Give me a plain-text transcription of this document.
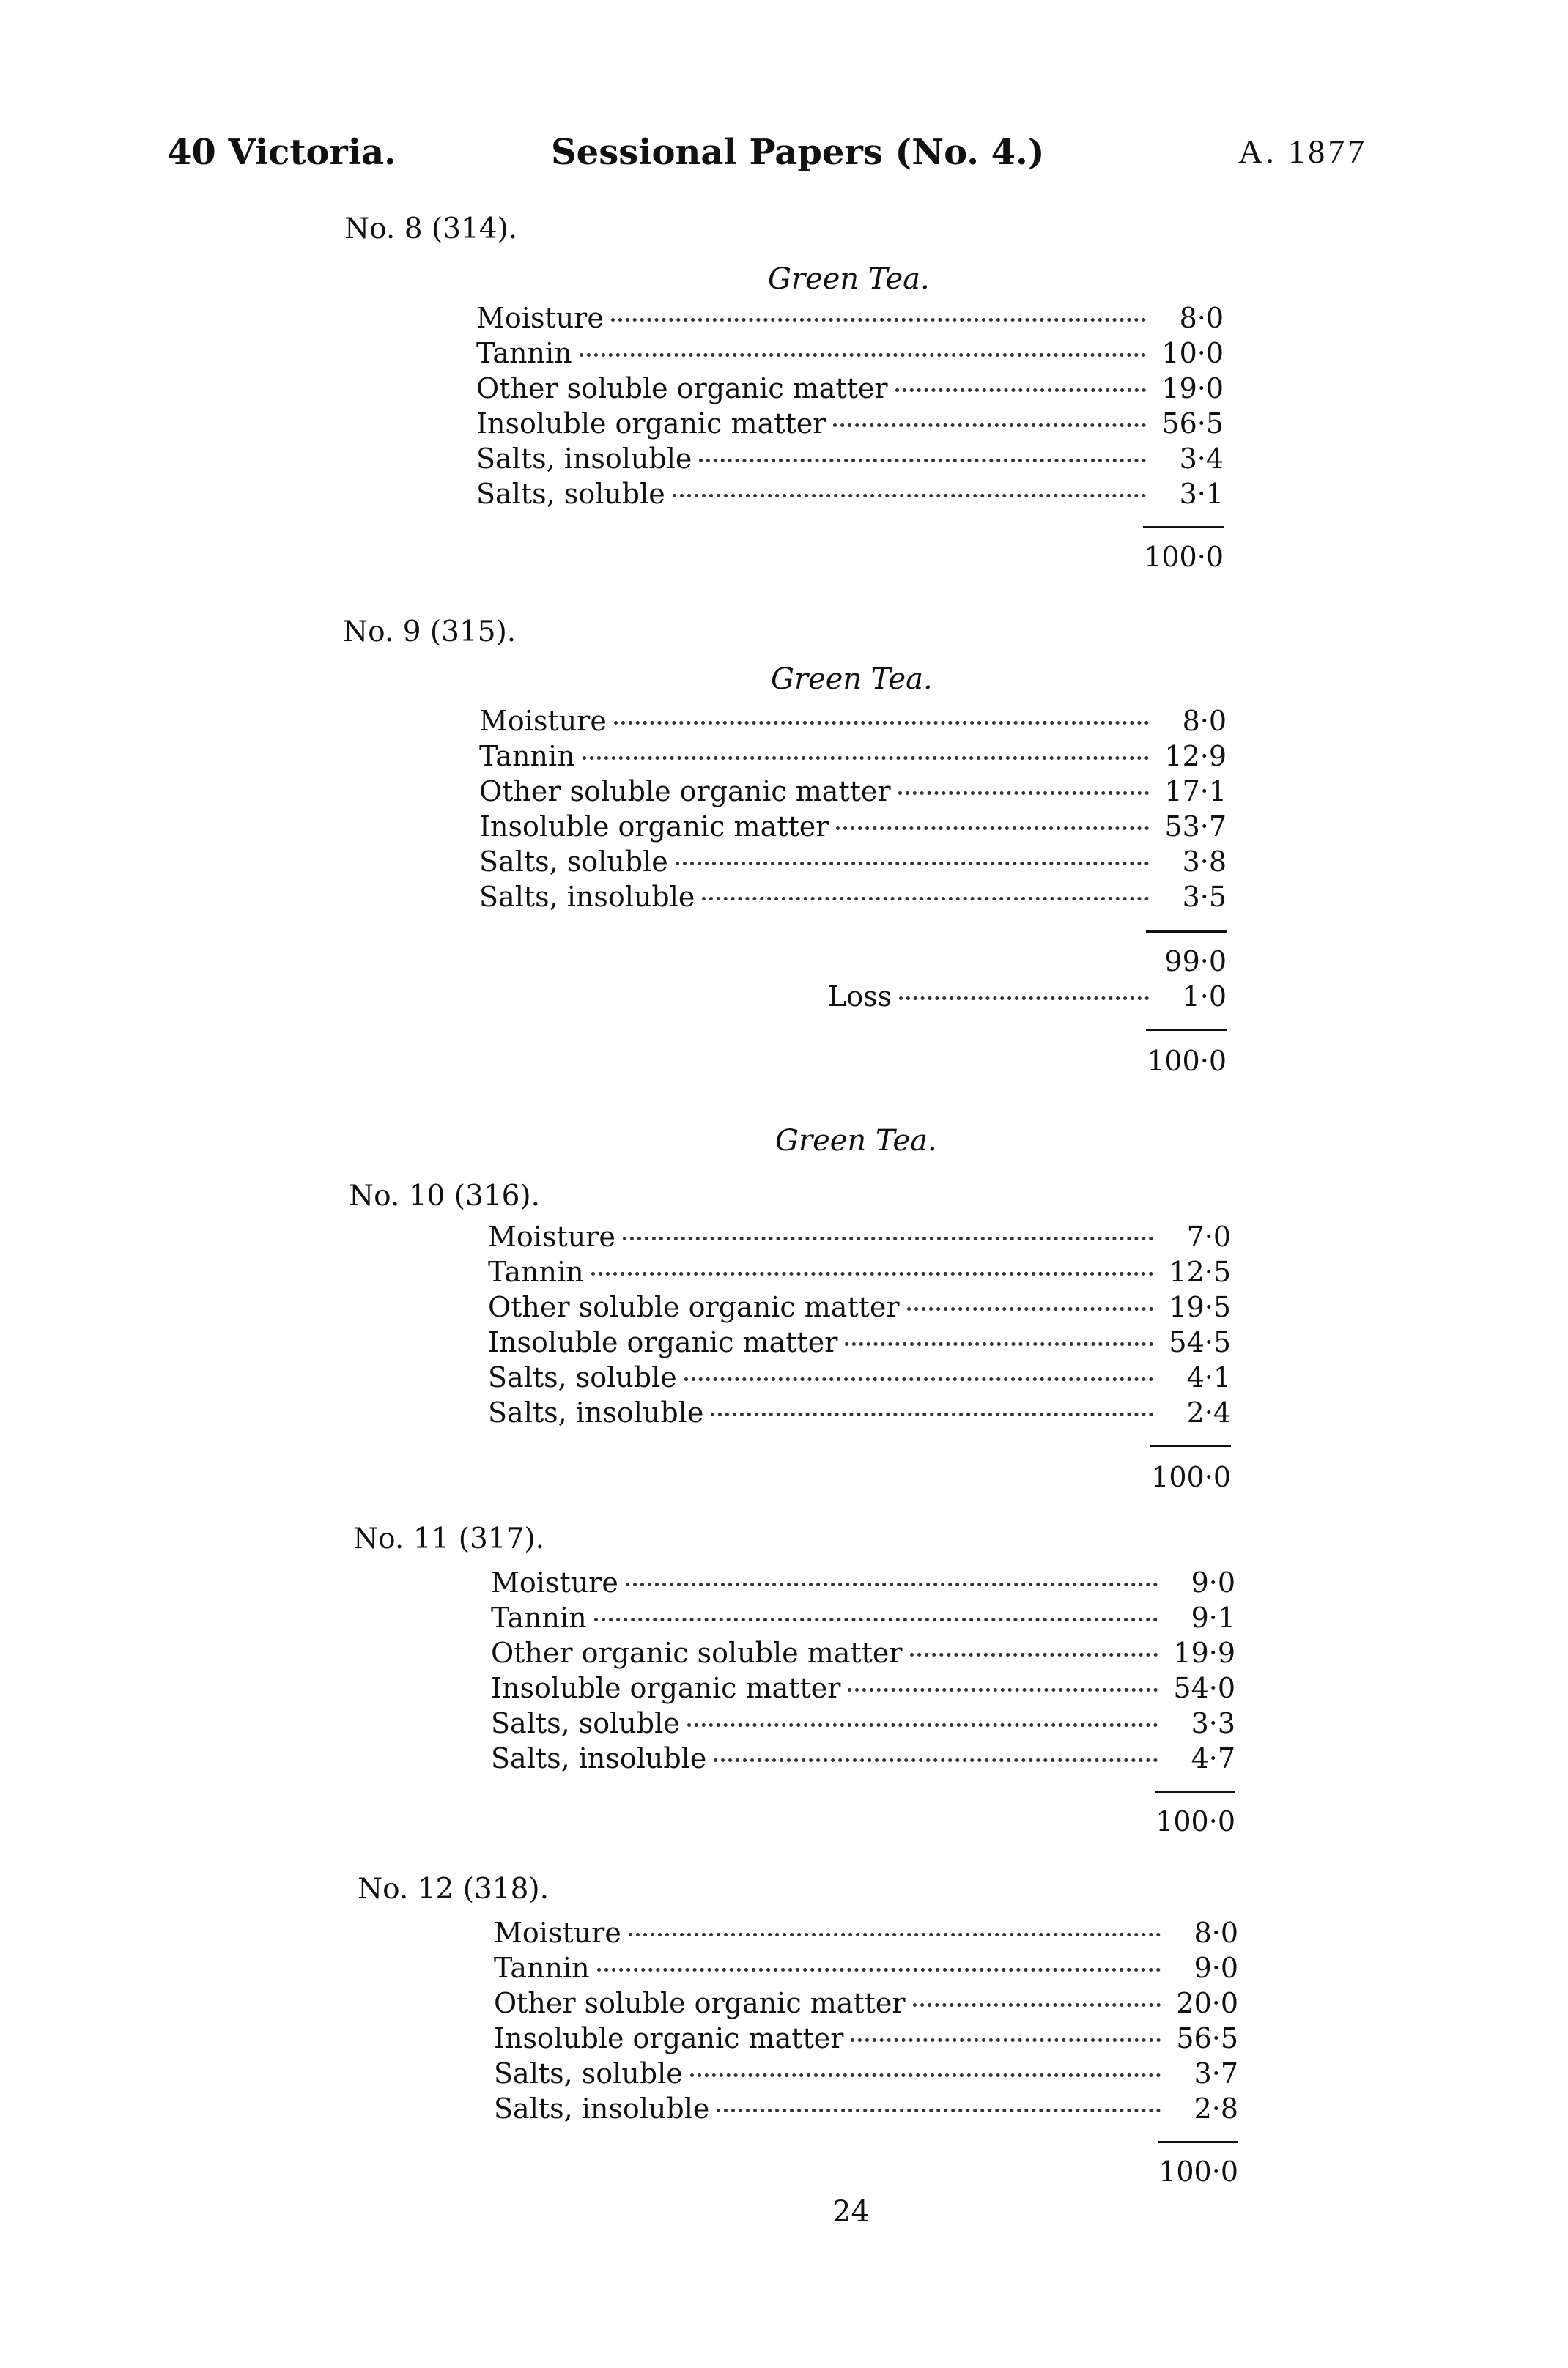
40 Victoria.	Sessional Papers (No. 4.)	A. 1877
No. 8 (314).
Green Tea.
Moisture	8·0
Tannin	10·0
Other soluble organic matter	19·0
Insoluble organic matter	56·5
Salts, insoluble	3·4
Salts, soluble	3·1
100·0
No. 9 (315).
Green Tea.
Moisture	8·0
Tannin	12·9
Other soluble organic matter	17·1
Insoluble organic matter	53·7
Salts, soluble	3·8
Salts, insoluble	3·5
99·0
Loss	1·0
100·0
Green Tea.
No. 10 (316).
Moisture	7·0
Tannin	12·5
Other soluble organic matter	19·5
Insoluble organic matter	54·5
Salts, soluble	4·1
Salts, insoluble	2·4
100·0
No. 11 (317).
Moisture	9·0
Tannin	9·1
Other organic soluble matter	19·9
Insoluble organic matter	54·0
Salts, soluble	3·3
Salts, insoluble	4·7
100·0
No. 12 (318).
Moisture	8·0
Tannin	9·0
Other soluble organic matter	20·0
Insoluble organic matter	56·5
Salts, soluble	3·7
Salts, insoluble	2·8
100·0
24
